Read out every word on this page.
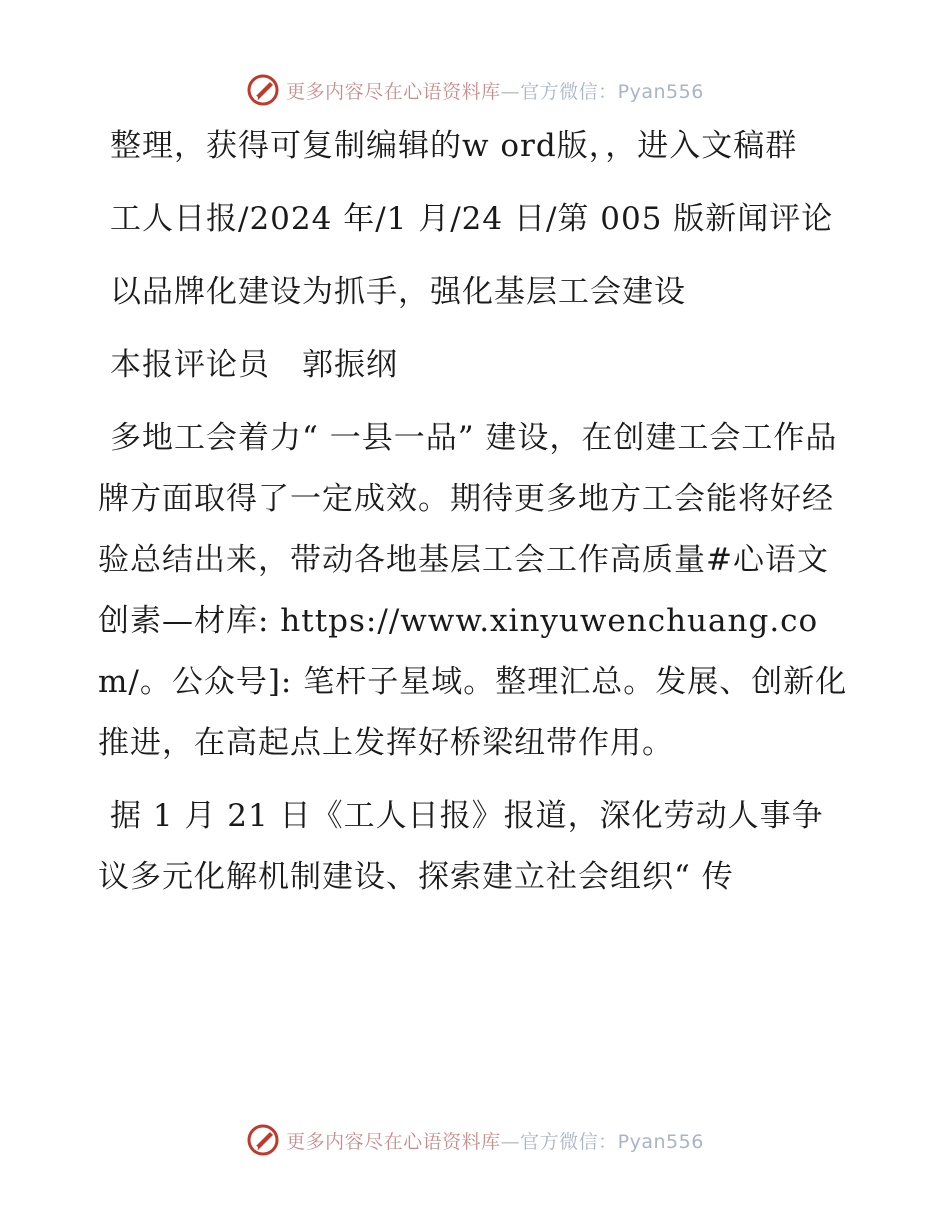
更多内容尽在心语资料库—官方微信：Pyan556

整理，获得可复制编辑的w ord版，，进入文稿群

工人日报/2024 年/1 月/24 日/第 005 版新闻评论

以品牌化建设为抓手，强化基层工会建设

本报评论员　郭振纲

多地工会着力“ 一县一品” 建设，在创建工会工作品牌方面取得了一定成效。期待更多地方工会能将好经验总结出来，带动各地基层工会工作高质量#心语文创素—材库: https://www.xinyuwenchuang.com/。公众号]: 笔杆子星域。整理汇总。发展、创新化推进，在高起点上发挥好桥梁纽带作用。

据 1 月 21 日《工人日报》报道，深化劳动人事争议多元化解机制建设、探索建立社会组织“ 传

更多内容尽在心语资料库—官方微信：Pyan556
